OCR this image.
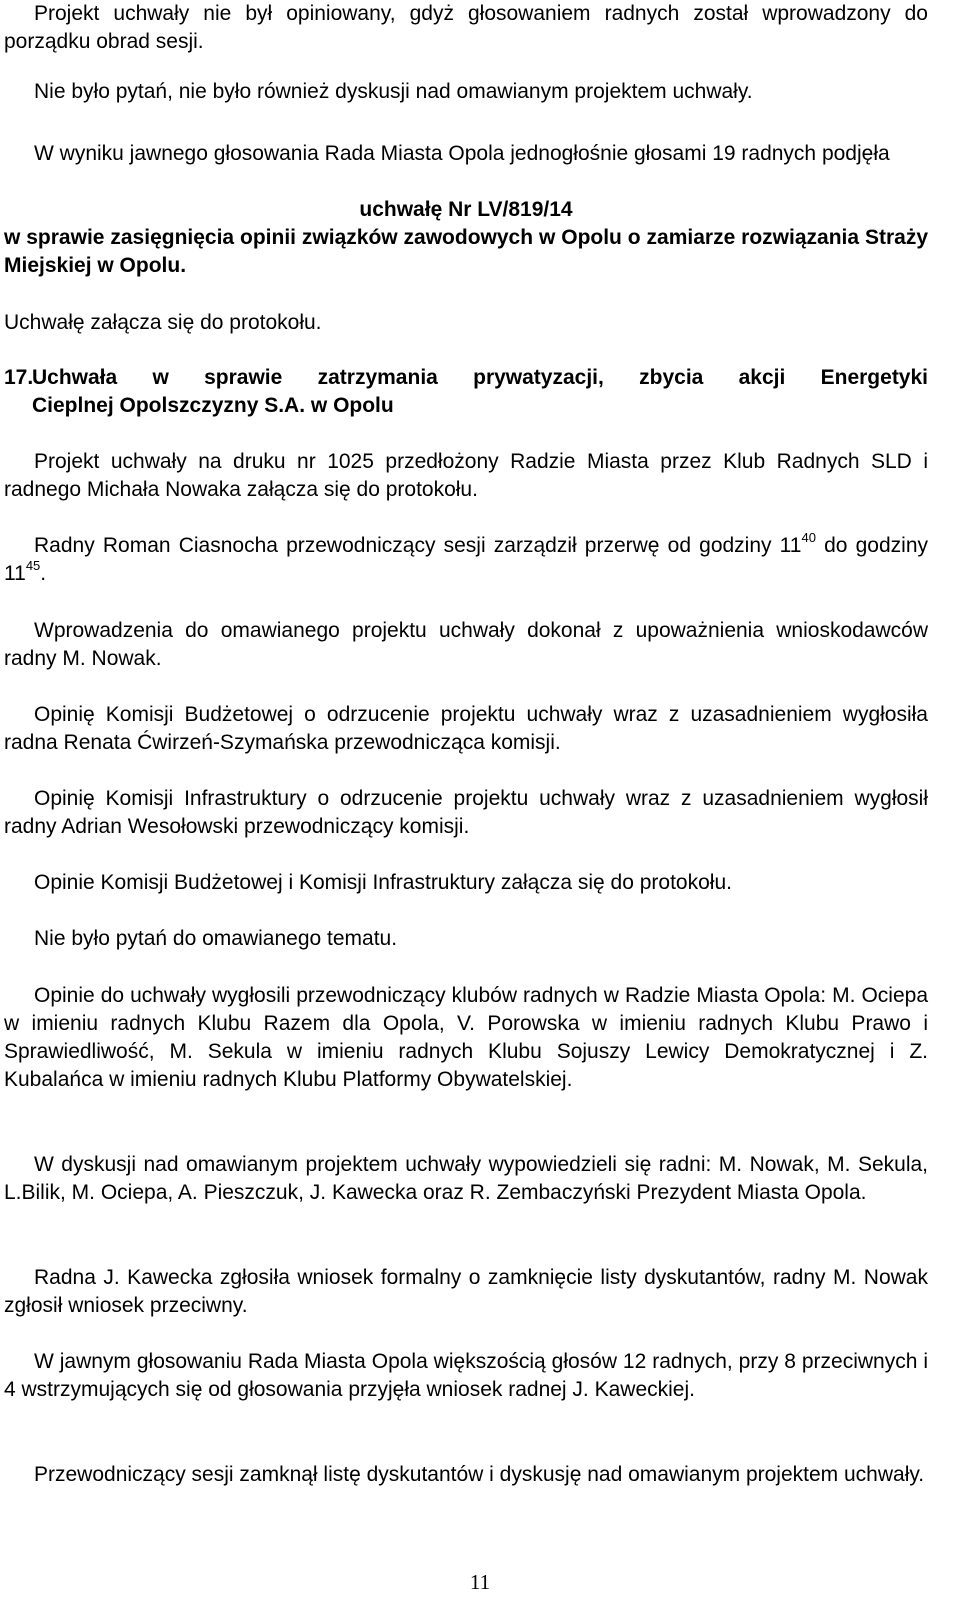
Projekt uchwały nie był opiniowany, gdyż głosowaniem radnych został wprowadzony do porządku obrad sesji.
Nie było pytań, nie było również dyskusji nad omawianym projektem uchwały.
W wyniku jawnego głosowania Rada Miasta Opola jednogłośnie głosami 19 radnych podjęła
uchwałę Nr LV/819/14
w sprawie zasięgnięcia opinii związków zawodowych w Opolu o zamiarze rozwiązania Straży Miejskiej w Opolu.
Uchwałę załącza się do protokołu.
17.Uchwała w sprawie zatrzymania prywatyzacji, zbycia akcji Energetyki
Cieplnej Opolszczyzny S.A. w Opolu
Projekt uchwały na druku nr 1025 przedłożony Radzie Miasta przez Klub Radnych SLD i radnego Michała Nowaka załącza się do protokołu.
Radny Roman Ciasnocha przewodniczący sesji zarządził przerwę od godziny $11^{40}$ do godziny $11^{45}$.
Wprowadzenia do omawianego projektu uchwały dokonał z upoważnienia wnioskodawców radny M. Nowak.
Opinię Komisji Budżetowej o odrzucenie projektu uchwały wraz z uzasadnieniem wygłosiła radna Renata Ćwirzeń-Szymańska przewodnicząca komisji.
Opinię Komisji Infrastruktury o odrzucenie projektu uchwały wraz z uzasadnieniem wygłosił radny Adrian Wesołowski przewodniczący komisji.
Opinie Komisji Budżetowej i Komisji Infrastruktury załącza się do protokołu.
Nie było pytań do omawianego tematu.
Opinie do uchwały wygłosili przewodniczący klubów radnych w Radzie Miasta Opola: M. Ociepa w imieniu radnych Klubu Razem dla Opola, V. Porowska w imieniu radnych Klubu Prawo i Sprawiedliwość, M. Sekula w imieniu radnych Klubu Sojuszy Lewicy Demokratycznej i Z. Kubalańca w imieniu radnych Klubu Platformy Obywatelskiej.
W dyskusji nad omawianym projektem uchwały wypowiedzieli się radni: M. Nowak, M. Sekula, L.Bilik, M. Ociepa, A. Pieszczuk, J. Kawecka oraz R. Zembaczyński Prezydent Miasta Opola.
Radna J. Kawecka zgłosiła wniosek formalny o zamknięcie listy dyskutantów, radny M. Nowak zgłosił wniosek przeciwny.
W jawnym głosowaniu Rada Miasta Opola większością głosów 12 radnych, przy 8 przeciwnych i 4 wstrzymujących się od głosowania przyjęła wniosek radnej J. Kaweckiej.
Przewodniczący sesji zamknął listę dyskutantów i dyskusję nad omawianym projektem uchwały.
11
